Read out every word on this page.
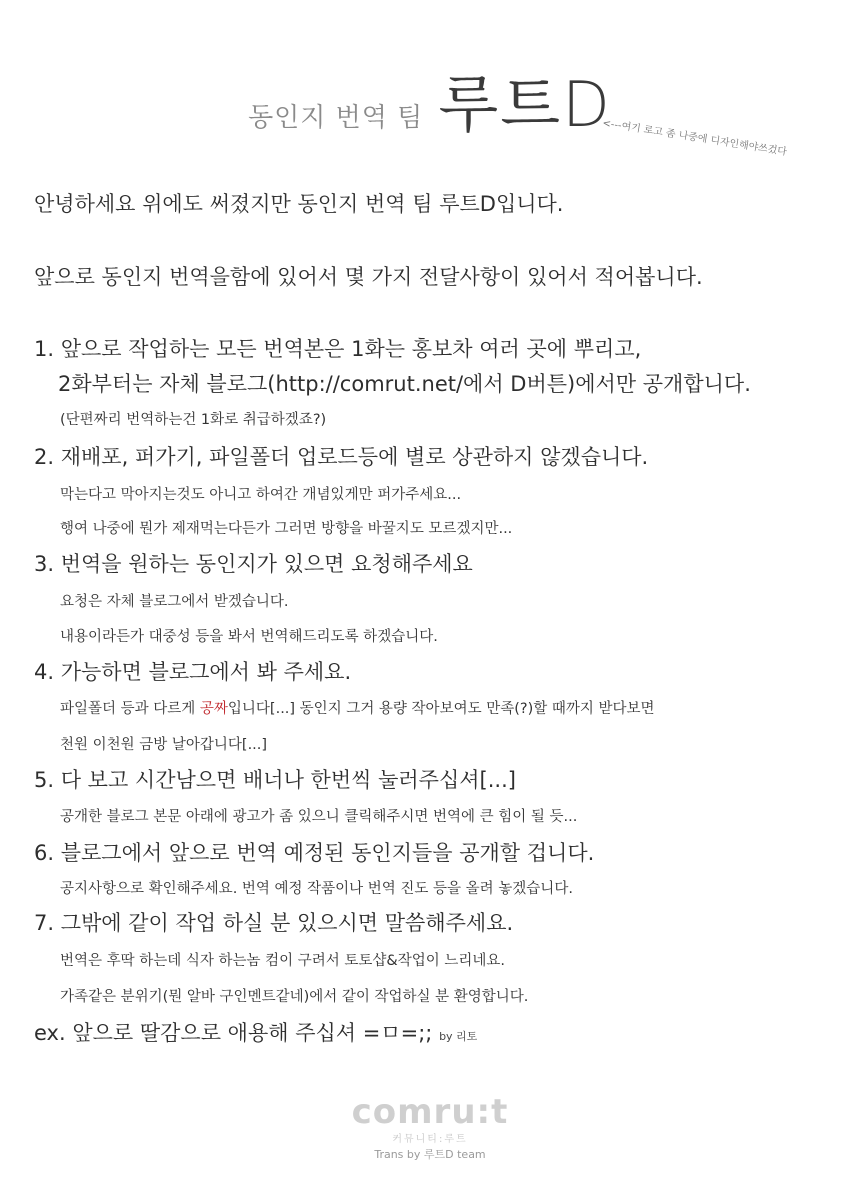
동인지 번역 팀 루트D
<---여기 로고 좀 나중에 디자인해야쓰겄다
안녕하세요 위에도 써졌지만 동인지 번역 팀 루트D입니다.
앞으로 동인지 번역을함에 있어서 몇 가지 전달사항이 있어서 적어봅니다.
1. 앞으로 작업하는 모든 번역본은 1화는 홍보차 여러 곳에 뿌리고,
2화부터는 자체 블로그(http://comrut.net/에서 D버튼)에서만 공개합니다.
(단편짜리 번역하는건 1화로 취급하겠죠?)
2. 재배포, 퍼가기, 파일폴더 업로드등에 별로 상관하지 않겠습니다.
막는다고 막아지는것도 아니고 하여간 개념있게만 퍼가주세요...
행여 나중에 뭔가 제재먹는다든가 그러면 방향을 바꿀지도 모르겠지만...
3. 번역을 원하는 동인지가 있으면 요청해주세요
요청은 자체 블로그에서 받겠습니다.
내용이라든가 대중성 등을 봐서 번역해드리도록 하겠습니다.
4. 가능하면 블로그에서 봐 주세요.
파일폴더 등과 다르게 공짜입니다[...] 동인지 그거 용량 작아보여도 만족(?)할 때까지 받다보면
천원 이천원 금방 날아갑니다[...]
5. 다 보고 시간남으면 배너나 한번씩 눌러주십셔[...]
공개한 블로그 본문 아래에 광고가 좀 있으니 클릭해주시면 번역에 큰 힘이 될 듯...
6. 블로그에서 앞으로 번역 예정된 동인지들을 공개할 겁니다.
공지사항으로 확인해주세요. 번역 예정 작품이나 번역 진도 등을 올려 놓겠습니다.
7. 그밖에 같이 작업 하실 분 있으시면 말씀해주세요.
번역은 후딱 하는데 식자 하는놈 컴이 구려서 토토샵&작업이 느리네요.
가족같은 분위기(뭔 알바 구인멘트같네)에서 같이 작업하실 분 환영합니다.
ex. 앞으로 딸감으로 애용해 주십셔 =ㅁ=;; by 리토
comru:t
커뮤니티:루트
Trans by 루트D team
